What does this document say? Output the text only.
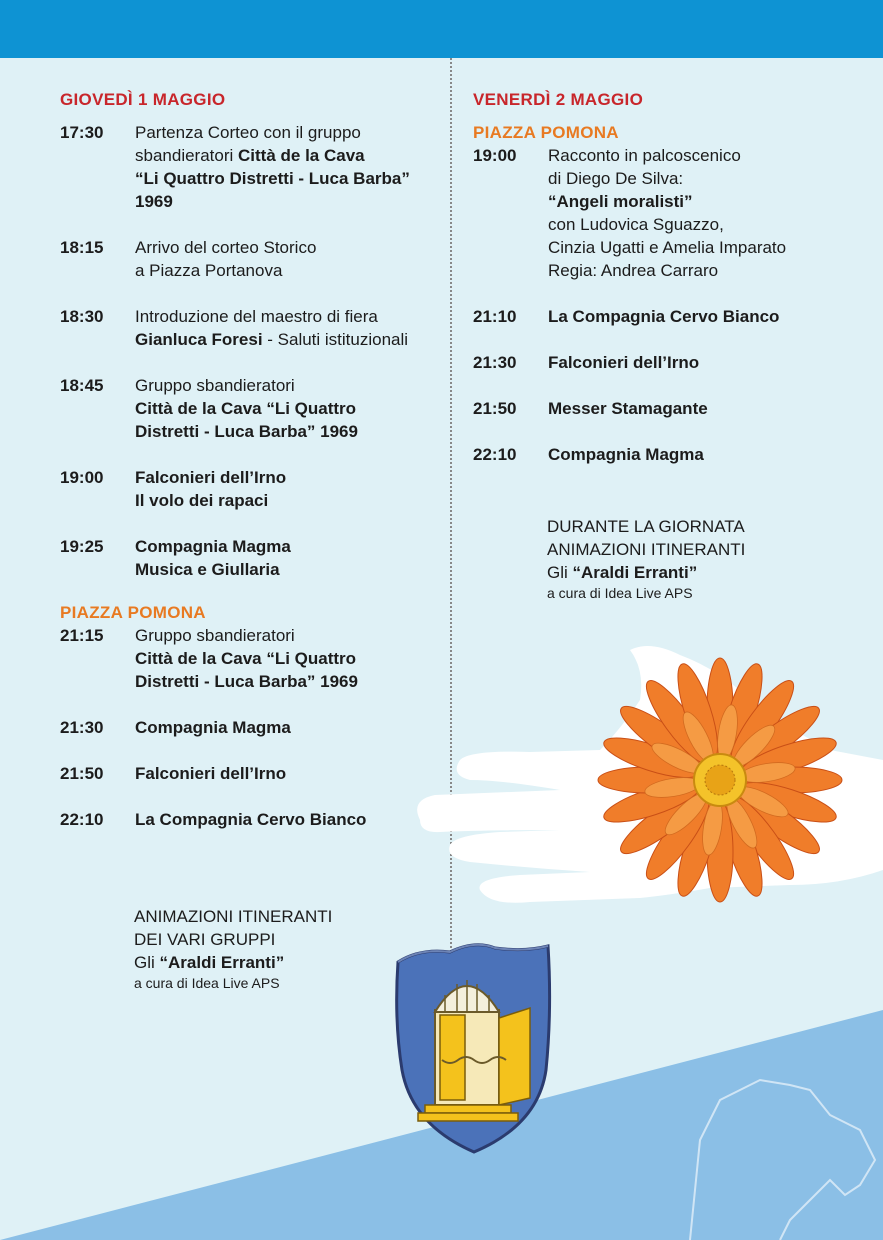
GIOVEDÌ 1 MAGGIO
17:30	Partenza Corteo con il gruppo
sbandieratori Città de la Cava
“Li Quattro Distretti - Luca Barba”
1969
18:15	Arrivo del corteo Storico
a Piazza Portanova
18:30	Introduzione del maestro di fiera
Gianluca Foresi - Saluti istituzionali
18:45	Gruppo sbandieratori
Città de la Cava “Li Quattro
Distretti - Luca Barba” 1969
19:00	Falconieri dell’Irno
Il volo dei rapaci
19:25	Compagnia Magma
Musica e Giullaria
PIAZZA POMONA
21:15	Gruppo sbandieratori
Città de la Cava “Li Quattro
Distretti - Luca Barba” 1969
21:30	Compagnia Magma
21:50	Falconieri dell’Irno
22:10	La Compagnia Cervo Bianco
ANIMAZIONI ITINERANTI
DEI VARI GRUPPI
Gli “Araldi Erranti”
a cura di Idea Live APS
VENERDÌ 2 MAGGIO
PIAZZA POMONA
19:00	Racconto in palcoscenico
di Diego De Silva:
“Angeli moralisti”
con Ludovica Sguazzo,
Cinzia Ugatti e Amelia Imparato
Regia: Andrea Carraro
21:10	La Compagnia Cervo Bianco
21:30	Falconieri dell’Irno
21:50	Messer Stamagante
22:10	Compagnia Magma
DURANTE LA GIORNATA
ANIMAZIONI ITINERANTI
Gli “Araldi Erranti”
a cura di Idea Live APS
